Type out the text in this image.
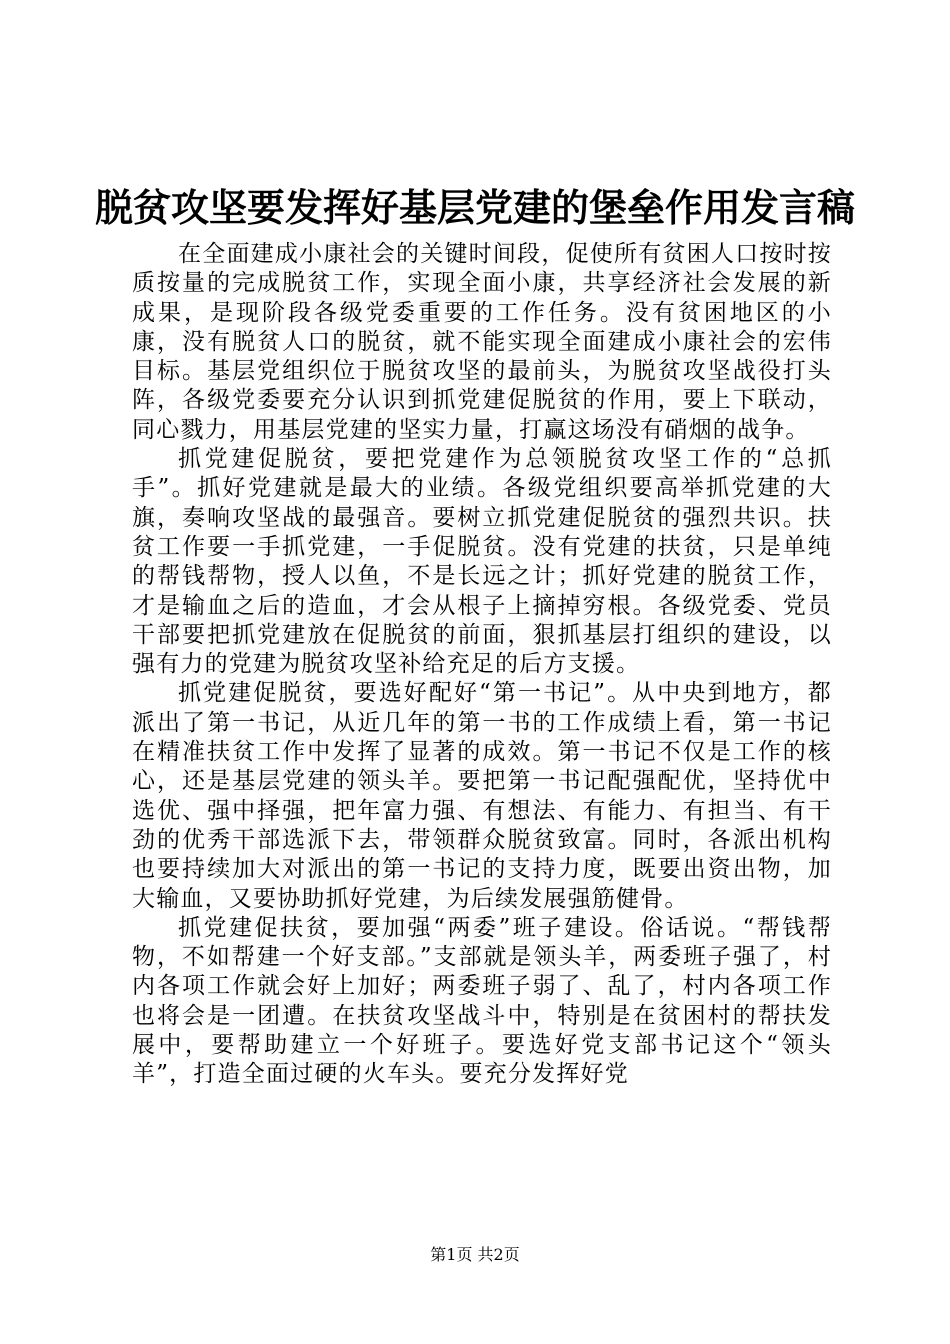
脱贫攻坚要发挥好基层党建的堡垒作用发言稿

在全面建成小康社会的关键时间段，促使所有贫困人口按时按质按量的完成脱贫工作，实现全面小康，共享经济社会发展的新成果，是现阶段各级党委重要的工作任务。没有贫困地区的小康，没有脱贫人口的脱贫，就不能实现全面建成小康社会的宏伟目标。基层党组织位于脱贫攻坚的最前头，为脱贫攻坚战役打头阵，各级党委要充分认识到抓党建促脱贫的作用，要上下联动，同心戮力，用基层党建的坚实力量，打赢这场没有硝烟的战争。

抓党建促脱贫，要把党建作为总领脱贫攻坚工作的“总抓手”。抓好党建就是最大的业绩。各级党组织要高举抓党建的大旗，奏响攻坚战的最强音。要树立抓党建促脱贫的强烈共识。扶贫工作要一手抓党建，一手促脱贫。没有党建的扶贫，只是单纯的帮钱帮物，授人以鱼，不是长远之计；抓好党建的脱贫工作，才是输血之后的造血，才会从根子上摘掉穷根。各级党委、党员干部要把抓党建放在促脱贫的前面，狠抓基层打组织的建设，以强有力的党建为脱贫攻坚补给充足的后方支援。

抓党建促脱贫，要选好配好“第一书记”。从中央到地方，都派出了第一书记，从近几年的第一书的工作成绩上看，第一书记在精准扶贫工作中发挥了显著的成效。第一书记不仅是工作的核心，还是基层党建的领头羊。要把第一书记配强配优，坚持优中选优、强中择强，把年富力强、有想法、有能力、有担当、有干劲的优秀干部选派下去，带领群众脱贫致富。同时，各派出机构也要持续加大对派出的第一书记的支持力度，既要出资出物，加大输血，又要协助抓好党建，为后续发展强筋健骨。

抓党建促扶贫，要加强“两委”班子建设。俗话说。“帮钱帮物，不如帮建一个好支部。”支部就是领头羊，两委班子强了，村内各项工作就会好上加好；两委班子弱了、乱了，村内各项工作也将会是一团遭。在扶贫攻坚战斗中，特别是在贫困村的帮扶发展中，要帮助建立一个好班子。要选好党支部书记这个“领头羊”，打造全面过硬的火车头。要充分发挥好党

第1页 共2页
